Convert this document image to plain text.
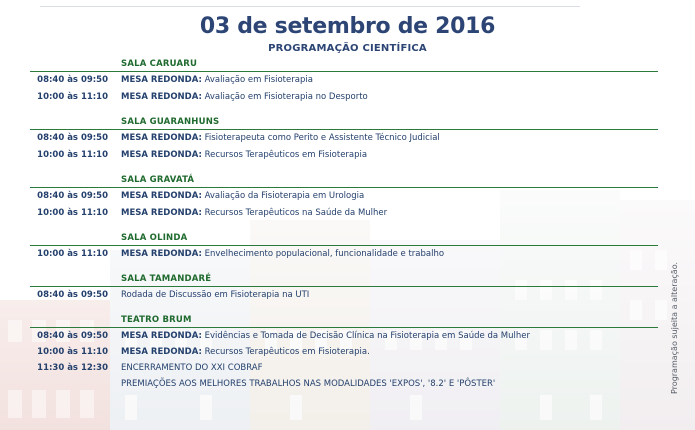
03 de setembro de 2016
PROGRAMAÇÃO CIENTÍFICA
SALA CARUARU
08:40 às 09:50 MESA REDONDA: Avaliação em Fisioterapia
10:00 às 11:10 MESA REDONDA: Avaliação em Fisioterapia no Desporto
SALA GUARANHUNS
08:40 às 09:50 MESA REDONDA: Fisioterapeuta como Perito e Assistente Técnico Judicial
10:00 às 11:10 MESA REDONDA: Recursos Terapêuticos em Fisioterapia
SALA GRAVATÁ
08:40 às 09:50 MESA REDONDA: Avaliação da Fisioterapia em Urologia
10:00 às 11:10 MESA REDONDA: Recursos Terapêuticos na Saúde da Mulher
SALA OLINDA
10:00 às 11:10 MESA REDONDA: Envelhecimento populacional, funcionalidade e trabalho
SALA TAMANDARÉ
08:40 às 09:50 Rodada de Discussão em Fisioterapia na UTI
TEATRO BRUM
08:40 às 09:50 MESA REDONDA: Evidências e Tomada de Decisão Clínica na Fisioterapia em Saúde da Mulher
10:00 às 11:10 MESA REDONDA: Recursos Terapêuticos em Fisioterapia.
11:30 às 12:30 ENCERRAMENTO DO XXI COBRAF
PREMIAÇÕES AOS MELHORES TRABALHOS NAS MODALIDADES 'EXPOS', '8.2' E 'PÔSTER'	Programação sujeita a alteração.
